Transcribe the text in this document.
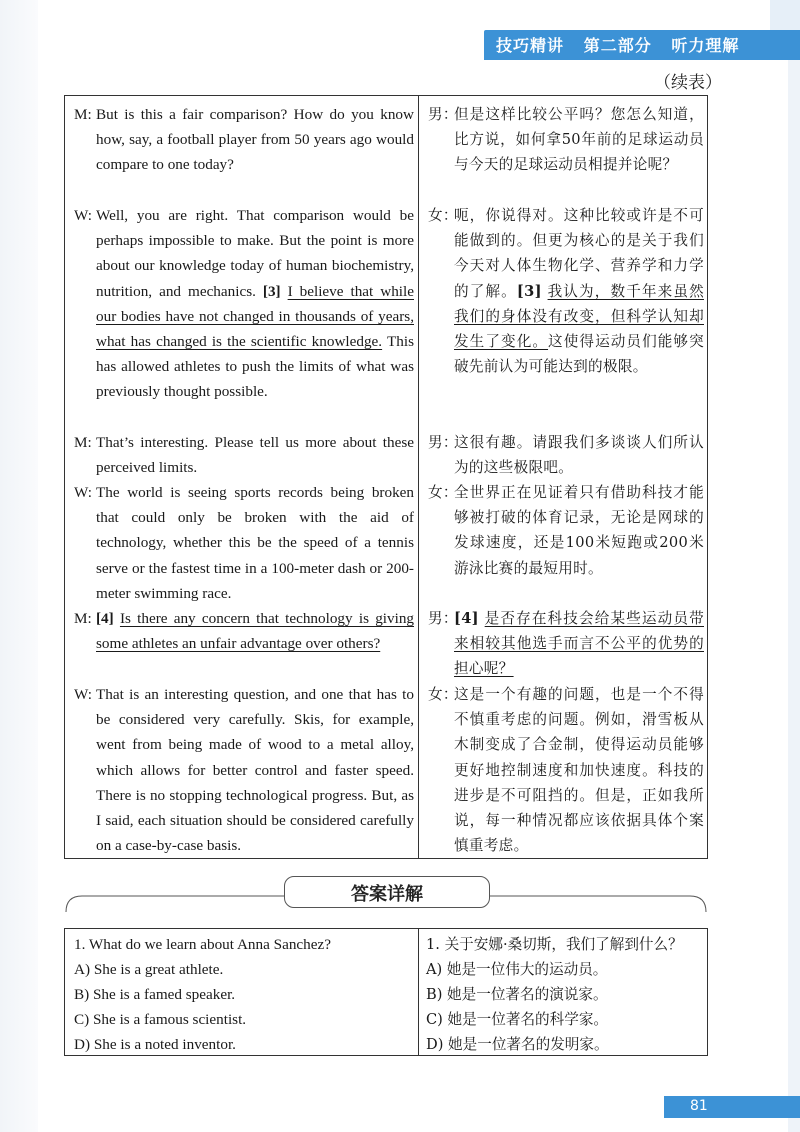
技巧精讲   第二部分   听力理解
（续表）
M: But is this a fair comparison? How do you know how, say, a football player from 50 years ago would compare to one today?
W: Well, you are right. That comparison would be perhaps impossible to make. But the point is more about our knowledge today of human biochemistry, nutrition, and mechanics. [3] I believe that while our bodies have not changed in thousands of years, what has changed is the scientific knowledge. This has allowed athletes to push the limits of what was previously thought possible.
M: That’s interesting. Please tell us more about these perceived limits.
W: The world is seeing sports records being broken that could only be broken with the aid of technology, whether this be the speed of a tennis serve or the fastest time in a 100-meter dash or 200-meter swimming race.
M: [4] Is there any concern that technology is giving some athletes an unfair advantage over others?
W: That is an interesting question, and one that has to be considered very carefully. Skis, for example, went from being made of wood to a metal alloy, which allows for better control and faster speed. There is no stopping technological progress. But, as I said, each situation should be considered carefully on a case-by-case basis.
男：
但是这样比较公平吗？您怎么知道，比方说，如何拿50年前的足球运动员与今天的足球运动员相提并论呢？
女：
呃，你说得对。这种比较或许是不可能做到的。但更为核心的是关于我们今天对人体生物化学、营养学和力学的了解。[3] 我认为，数千年来虽然我们的身体没有改变，但科学认知却发生了变化。这使得运动员们能够突破先前认为可能达到的极限。
男：
这很有趣。请跟我们多谈谈人们所认为的这些极限吧。
女：
全世界正在见证着只有借助科技才能够被打破的体育记录，无论是网球的发球速度，还是100米短跑或200米游泳比赛的最短用时。
男：
[4] 是否存在科技会给某些运动员带来相较其他选手而言不公平的优势的担心呢？
女：
这是一个有趣的问题，也是一个不得不慎重考虑的问题。例如，滑雪板从木制变成了合金制，使得运动员能够更好地控制速度和加快速度。科技的进步是不可阻挡的。但是，正如我所说，每一种情况都应该依据具体个案慎重考虑。
答案详解
1. What do we learn about Anna Sanchez?
A) She is a great athlete.
B) She is a famed speaker.
C) She is a famous scientist.
D) She is a noted inventor.
1. 关于安娜·桑切斯，我们了解到什么？
A) 她是一位伟大的运动员。
B) 她是一位著名的演说家。
C) 她是一位著名的科学家。
D) 她是一位著名的发明家。
81
